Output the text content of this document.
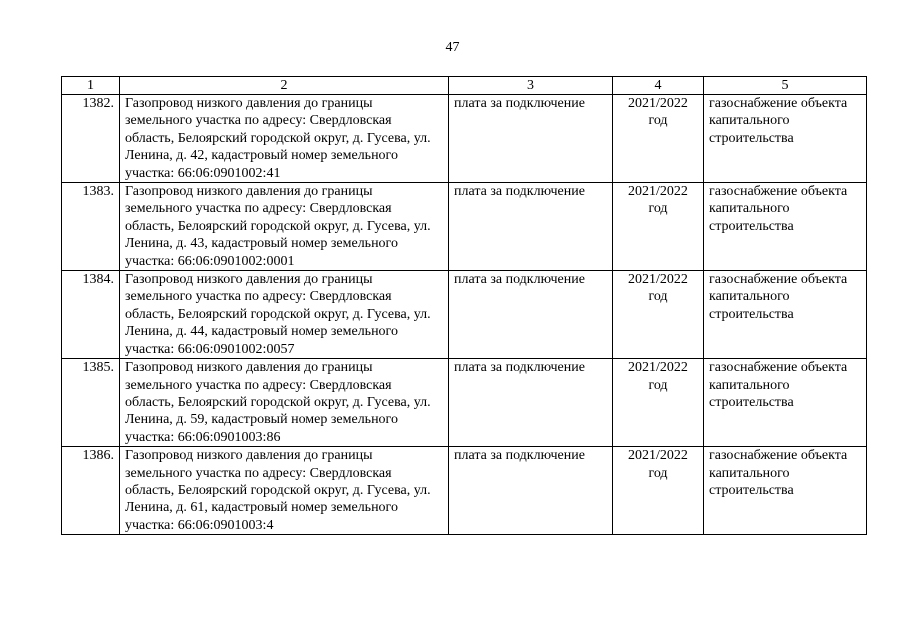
47
1	2	3	4	5
1382.	Газопровод низкого давления до границы земельного участка по адресу: Свердловская область, Белоярский городской округ, д. Гусева, ул. Ленина, д. 42, кадастровый номер земельного участка: 66:06:0901002:41	плата за подключение	2021/2022 год	газоснабжение объекта капитального строительства
1383.	Газопровод низкого давления до границы земельного участка по адресу: Свердловская область, Белоярский городской округ, д. Гусева, ул. Ленина, д. 43, кадастровый номер земельного участка: 66:06:0901002:0001	плата за подключение	2021/2022 год	газоснабжение объекта капитального строительства
1384.	Газопровод низкого давления до границы земельного участка по адресу: Свердловская область, Белоярский городской округ, д. Гусева, ул. Ленина, д. 44, кадастровый номер земельного участка: 66:06:0901002:0057	плата за подключение	2021/2022 год	газоснабжение объекта капитального строительства
1385.	Газопровод низкого давления до границы земельного участка по адресу: Свердловская область, Белоярский городской округ, д. Гусева, ул. Ленина, д. 59, кадастровый номер земельного участка: 66:06:0901003:86	плата за подключение	2021/2022 год	газоснабжение объекта капитального строительства
1386.	Газопровод низкого давления до границы земельного участка по адресу: Свердловская область, Белоярский городской округ, д. Гусева, ул. Ленина, д. 61, кадастровый номер земельного участка: 66:06:0901003:4	плата за подключение	2021/2022 год	газоснабжение объекта капитального строительства
